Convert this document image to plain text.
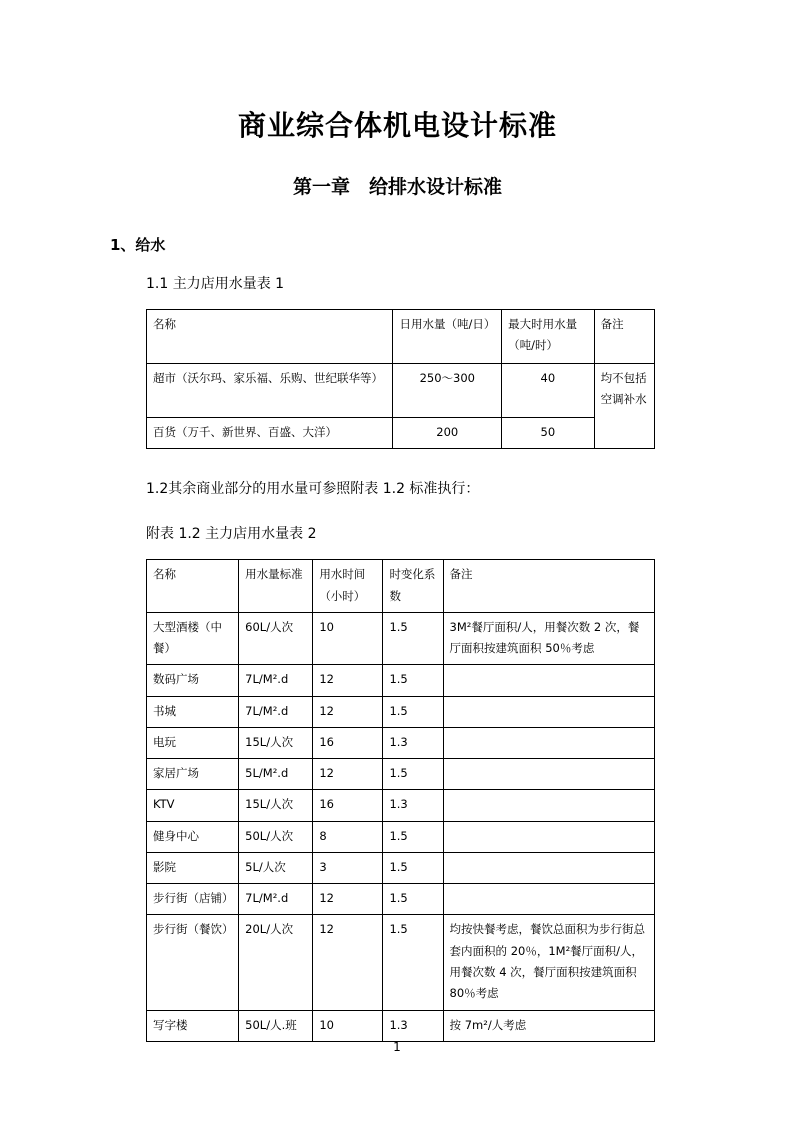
商业综合体机电设计标准
第一章　给排水设计标准
1、给水
1.1 主力店用水量表 1
名称	日用水量（吨/日）	最大时用水量（吨/时）	备注
超市（沃尔玛、家乐福、乐购、世纪联华等）	250～300	40	均不包括空调补水
百货（万千、新世界、百盛、大洋）	200	50	
1.2其余商业部分的用水量可参照附表 1.2 标准执行：
附表 1.2 主力店用水量表 2
名称	用水量标准	用水时间（小时）	时变化系数	备注
大型酒楼（中餐）	60L/人次	10	1.5	3M²餐厅面积/人，用餐次数 2 次，餐厅面积按建筑面积 50％考虑
数码广场	7L/M².d	12	1.5	
书城	7L/M².d	12	1.5	
电玩	15L/人次	16	1.3	
家居广场	5L/M².d	12	1.5	
KTV	15L/人次	16	1.3	
健身中心	50L/人次	8	1.5	
影院	5L/人次	3	1.5	
步行街（店铺）	7L/M².d	12	1.5	
步行街（餐饮）	20L/人次	12	1.5	均按快餐考虑，餐饮总面积为步行街总套内面积的 20％，1M²餐厅面积/人，用餐次数 4 次，餐厅面积按建筑面积 80％考虑
写字楼	50L/人.班	10	1.3	按 7m²/人考虑
1
